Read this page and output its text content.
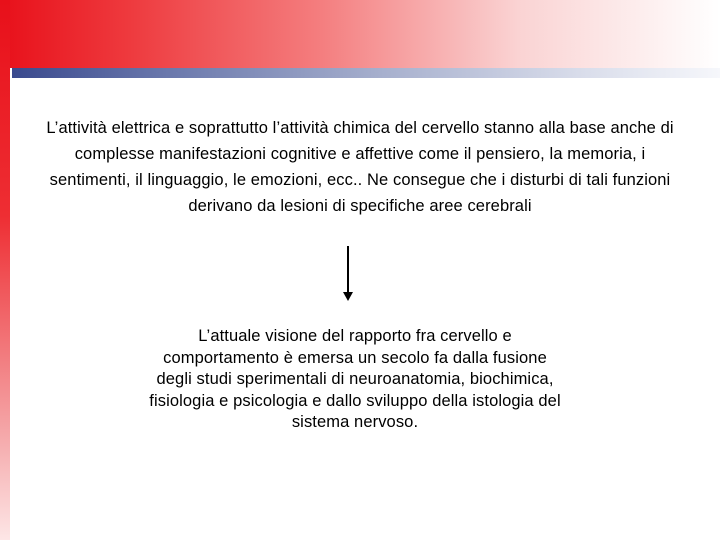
L’attività elettrica e soprattutto l’attività chimica del cervello stanno alla base anche di complesse manifestazioni cognitive e affettive come il pensiero, la memoria, i sentimenti, il linguaggio, le emozioni, ecc.. Ne consegue che i disturbi di tali funzioni derivano da lesioni di specifiche aree cerebrali

L’attuale visione del rapporto fra cervello e comportamento è emersa un secolo fa dalla fusione degli studi sperimentali di neuroanatomia, biochimica, fisiologia e psicologia e dallo sviluppo della istologia del sistema nervoso.
